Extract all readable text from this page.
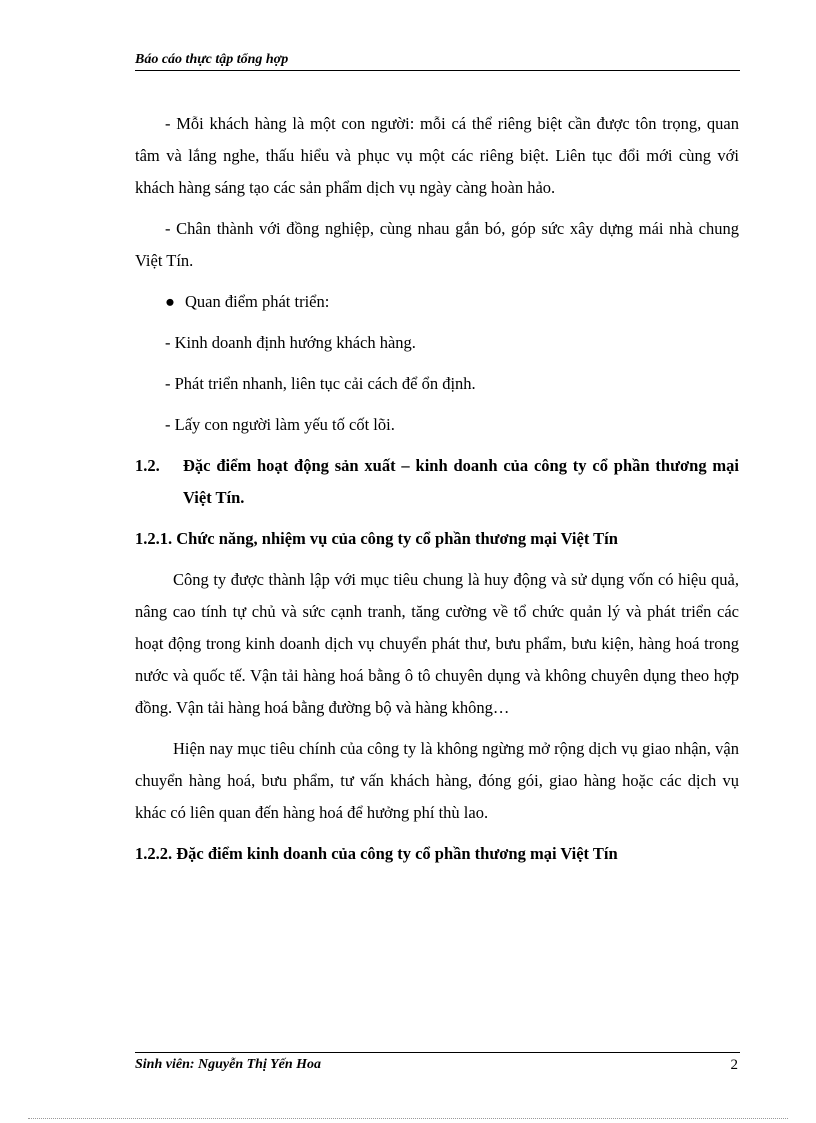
Báo cáo thực tập tổng hợp

- Mỗi khách hàng là một con người: mỗi cá thể riêng biệt cần được tôn trọng, quan tâm và lắng nghe, thấu hiểu và phục vụ một các riêng biệt. Liên tục đổi mới cùng với khách hàng sáng tạo các sản phẩm dịch vụ ngày càng hoàn hảo.

- Chân thành với đồng nghiệp, cùng nhau gắn bó, góp sức xây dựng mái nhà chung Việt Tín.

● Quan điểm phát triển:
- Kinh doanh định hướng khách hàng.
- Phát triển nhanh, liên tục cải cách để ổn định.
- Lấy con người làm yếu tố cốt lõi.
1.2.	Đặc điểm hoạt động sản xuất – kinh doanh của công ty cổ phần thương mại Việt Tín.
1.2.1. Chức năng, nhiệm vụ của công ty cổ phần thương mại Việt Tín

Công ty được thành lập với mục tiêu chung là huy động và sử dụng vốn có hiệu quả, nâng cao tính tự chủ và sức cạnh tranh, tăng cường về tổ chức quản lý và phát triển các hoạt động trong kinh doanh dịch vụ chuyển phát thư, bưu phẩm, bưu kiện, hàng hoá trong nước và quốc tế. Vận tải hàng hoá bằng ô tô chuyên dụng và không chuyên dụng theo hợp đồng. Vận tải hàng hoá bằng đường bộ và hàng không…

Hiện nay mục tiêu chính của công ty là không ngừng mở rộng dịch vụ giao nhận, vận chuyển hàng hoá, bưu phẩm, tư vấn khách hàng, đóng gói, giao hàng hoặc các dịch vụ khác có liên quan đến hàng hoá để hưởng phí thù lao.

1.2.2. Đặc điểm kinh doanh của công ty cổ phần thương mại Việt Tín
Sinh viên: Nguyễn Thị Yến Hoa	2
